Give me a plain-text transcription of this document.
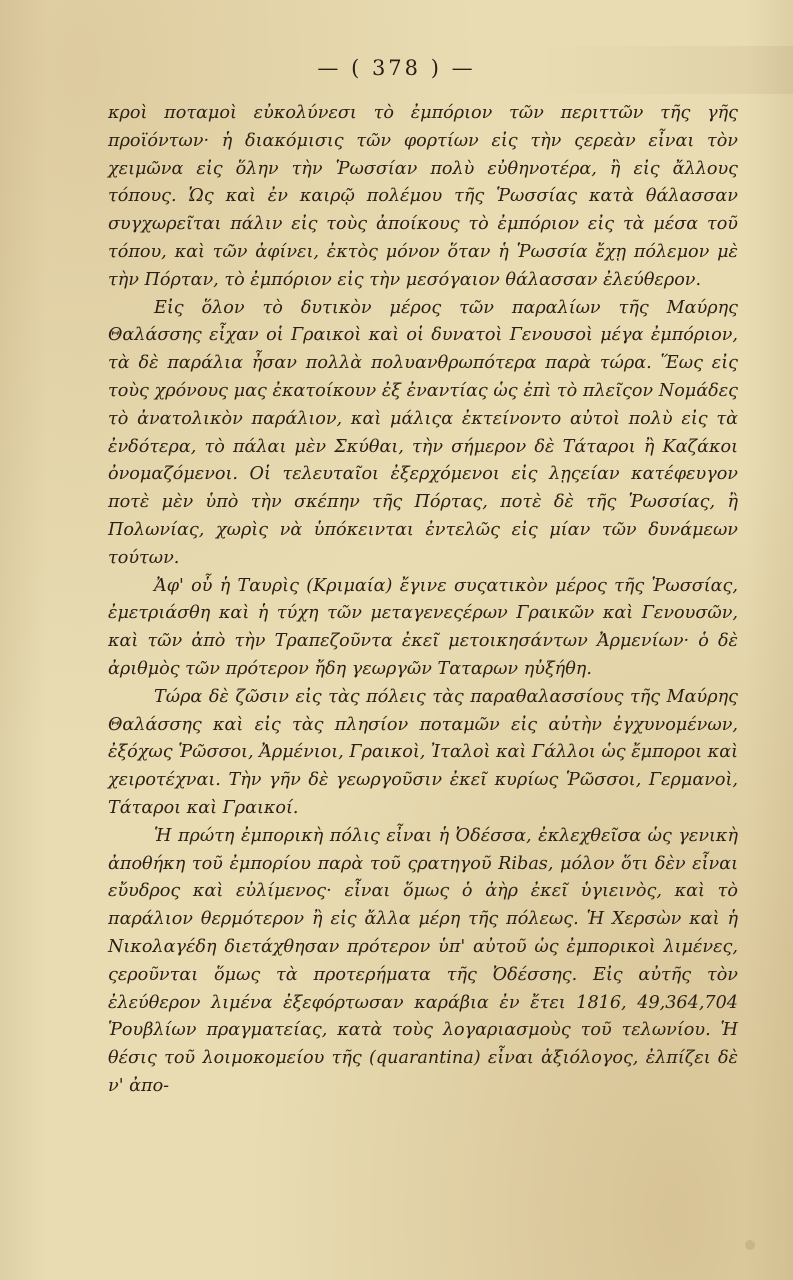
— ( 378 ) —

κροὶ ποταμοὶ εὐκολύνεσι τὸ ἐμπόριον τῶν περιττῶν τῆς γῆς προϊόντων· ἡ διακόμισις τῶν φορτίων εἰς τὴν ςερεὰν εἶναι τὸν χειμῶνα εἰς ὅλην τὴν Ῥωσσίαν πολὺ εὐθηνοτέρα, ἢ εἰς ἄλλους τόπους. Ὡς καὶ ἐν καιρῷ πολέμου τῆς Ῥωσσίας κατὰ θάλασσαν συγχωρεῖται πάλιν εἰς τοὺς ἀποίκους τὸ ἐμπόριον εἰς τὰ μέσα τοῦ τόπου, καὶ τῶν ἀφίνει, ἐκτὸς μόνον ὅταν ἡ Ῥωσσία ἔχῃ πόλεμον μὲ τὴν Πόρταν, τὸ ἐμπόριον εἰς τὴν μεσόγαιον θάλασσαν ἐλεύθερον.

Εἰς ὅλον τὸ δυτικὸν μέρος τῶν παραλίων τῆς Μαύρης Θαλάσσης εἶχαν οἱ Γραικοὶ καὶ οἱ δυνατοὶ Γενουσοὶ μέγα ἐμπόριον, τὰ δὲ παράλια ἦσαν πολλὰ πολυανθρωπότερα παρὰ τώρα. Ἕως εἰς τοὺς χρόνους μας ἐκατοίκουν ἐξ ἐναντίας ὡς ἐπὶ τὸ πλεῖςον Νομάδες τὸ ἀνατολικὸν παράλιον, καὶ μάλιςα ἐκτείνοντο αὐτοὶ πολὺ εἰς τὰ ἐνδότερα, τὸ πάλαι μὲν Σκύθαι, τὴν σήμερον δὲ Τάταροι ἢ Καζάκοι ὀνομαζόμενοι. Οἱ τελευταῖοι ἐξερχόμενοι εἰς λῃςείαν κατέφευγον ποτὲ μὲν ὑπὸ τὴν σκέπην τῆς Πόρτας, ποτὲ δὲ τῆς Ῥωσσίας, ἢ Πολωνίας, χωρὶς νὰ ὑπόκεινται ἐντελῶς εἰς μίαν τῶν δυνάμεων τούτων.

Ἀφ' οὗ ἡ Ταυρὶς (Κριμαία) ἔγινε συςατικὸν μέρος τῆς Ῥωσσίας, ἐμετριάσθη καὶ ἡ τύχη τῶν μεταγενεςέρων Γραικῶν καὶ Γενουσῶν, καὶ τῶν ἀπὸ τὴν Τραπεζοῦντα ἐκεῖ μετοικησάντων Ἀρμενίων· ὁ δὲ ἀριθμὸς τῶν πρότερον ἤδη γεωργῶν Ταταρων ηὐξήθη.

Τώρα δὲ ζῶσιν εἰς τὰς πόλεις τὰς παραθαλασσίους τῆς Μαύρης Θαλάσσης καὶ εἰς τὰς πλησίον ποταμῶν εἰς αὐτὴν ἐγχυνομένων, ἐξόχως Ῥῶσσοι, Ἀρμένιοι, Γραικοὶ, Ἰταλοὶ καὶ Γάλλοι ὡς ἔμποροι καὶ χειροτέχναι. Τὴν γῆν δὲ γεωργοῦσιν ἐκεῖ κυρίως Ῥῶσσοι, Γερμανοὶ, Τάταροι καὶ Γραικοί.

Ἡ πρώτη ἐμπορικὴ πόλις εἶναι ἡ Ὀδέσσα, ἐκλεχθεῖσα ὡς γενικὴ ἀποθήκη τοῦ ἐμπορίου παρὰ τοῦ ςρατηγοῦ Ribas, μόλον ὅτι δὲν εἶναι εὔυδρος καὶ εὐλίμενος· εἶναι ὅμως ὁ ἀὴρ ἐκεῖ ὑγιεινὸς, καὶ τὸ παράλιον θερμότερον ἢ εἰς ἄλλα μέρη τῆς πόλεως. Ἡ Χερσὼν καὶ ἡ Νικολαγέδη διετάχθησαν πρότερον ὑπ' αὐτοῦ ὡς ἐμπορικοὶ λιμένες, ςεροῦνται ὅμως τὰ προτερήματα τῆς Ὀδέσσης. Εἰς αὐτῆς τὸν ἐλεύθερον λιμένα ἐξεφόρτωσαν καράβια ἐν ἔτει 1816, 49,364,704 Ῥουβλίων πραγματείας, κατὰ τοὺς λογαριασμοὺς τοῦ τελωνίου. Ἡ θέσις τοῦ λοιμοκομείου τῆς (quarantina) εἶναι ἀξιόλογος, ἐλπίζει δὲ ν' ἀπο-
